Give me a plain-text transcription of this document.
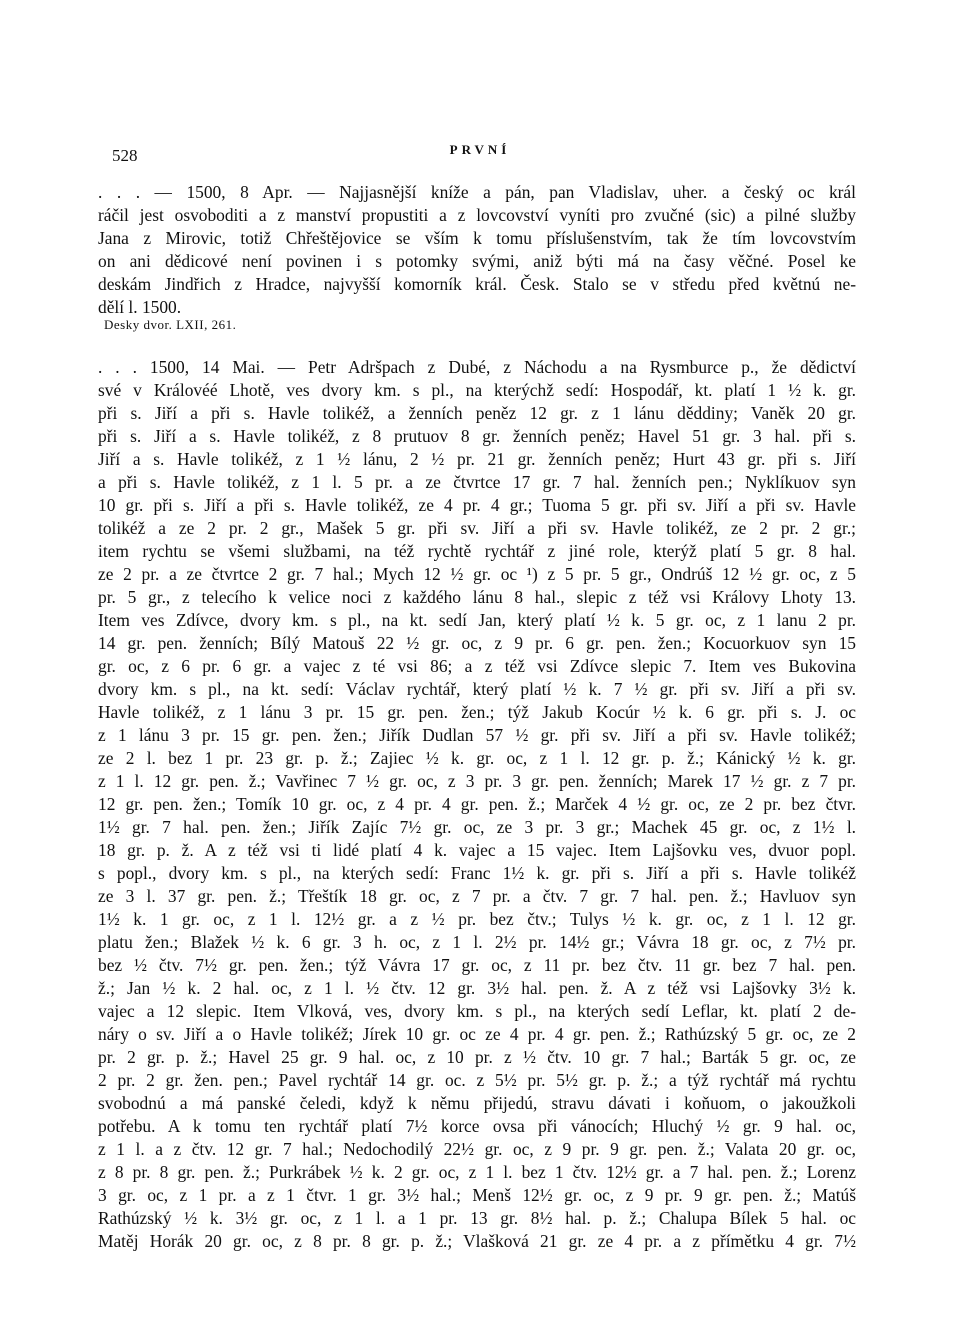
528	PRVNÍ
. . . — 1500, 8 Apr. — Najjasnější kníže a pán, pan Vladislav, uher. a český oc král
ráčil jest osvoboditi a z manství propustiti a z lovcovství vyníti pro zvučné (sic) a pilné služby
Jana z Mirovic, totiž Chřeštějovice se vším k tomu příslušenstvím, tak že tím lovcovstvím
on ani dědicové není povinen i s potomky svými, aniž býti má na časy věčné. Posel ke
deskám Jindřich z Hradce, najvyšší komorník král. Česk. Stalo se v středu před květnú ne-
dělí l. 1500.
Desky dvor. LXII, 261.
. . . 1500, 14 Mai. — Petr Adršpach z Dubé, z Náchodu a na Rysmburce p., že dědictví
své v Královéé Lhotě, ves dvory km. s pl., na kterýchž sedí: Hospodář, kt. platí 1 ½ k. gr.
při s. Jiří a při s. Havle tolikéž, a ženních peněz 12 gr. z 1 lánu děddiny; Vaněk 20 gr.
při s. Jiří a s. Havle tolikéž, z 8 prutuov 8 gr. ženních peněz; Havel 51 gr. 3 hal. při s.
Jiří a s. Havle tolikéž, z 1 ½ lánu, 2 ½ pr. 21 gr. ženních peněz; Hurt 43 gr. při s. Jiří
a při s. Havle tolikéž, z 1 l. 5 pr. a ze čtvrtce 17 gr. 7 hal. ženních pen.; Nyklíkuov syn
10 gr. při s. Jiří a při s. Havle tolikéž, ze 4 pr. 4 gr.; Tuoma 5 gr. při sv. Jiří a při sv. Havle
tolikéž a ze 2 pr. 2 gr., Mašek 5 gr. při sv. Jiří a při sv. Havle tolikéž, ze 2 pr. 2 gr.;
item rychtu se všemi službami, na též rychtě rychtář z jiné role, kterýž platí 5 gr. 8 hal.
ze 2 pr. a ze čtvrtce 2 gr. 7 hal.; Mych 12 ½ gr. oc ¹) z 5 pr. 5 gr., Ondrúš 12 ½ gr. oc, z 5
pr. 5 gr., z telecího k velice noci z každého lánu 8 hal., slepic z též vsi Královy Lhoty 13.
Item ves Zdívce, dvory km. s pl., na kt. sedí Jan, který platí ½ k. 5 gr. oc, z 1 lanu 2 pr.
14 gr. pen. ženních; Bílý Matouš 22 ½ gr. oc, z 9 pr. 6 gr. pen. žen.; Kocuorkuov syn 15
gr. oc, z 6 pr. 6 gr. a vajec z té vsi 86; a z též vsi Zdívce slepic 7. Item ves Bukovina
dvory km. s pl., na kt. sedí: Václav rychtář, který platí ½ k. 7 ½ gr. při sv. Jiří a při sv.
Havle tolikéž, z 1 lánu 3 pr. 15 gr. pen. žen.; týž Jakub Kocúr ½ k. 6 gr. při s. J. oc
z 1 lánu 3 pr. 15 gr. pen. žen.; Jiřík Dudlan 57 ½ gr. při sv. Jiří a při sv. Havle tolikéž;
ze 2 l. bez 1 pr. 23 gr. p. ž.; Zajiec ½ k. gr. oc, z 1 l. 12 gr. p. ž.; Kánický ½ k. gr.
z 1 l. 12 gr. pen. ž.; Vavřinec 7 ½ gr. oc, z 3 pr. 3 gr. pen. ženních; Marek 17 ½ gr. z 7 pr.
12 gr. pen. žen.; Tomík 10 gr. oc, z 4 pr. 4 gr. pen. ž.; Marček 4 ½ gr. oc, ze 2 pr. bez čtvr.
1½ gr. 7 hal. pen. žen.; Jiřík Zajíc 7½ gr. oc, ze 3 pr. 3 gr.; Machek 45 gr. oc, z 1½ l.
18 gr. p. ž. A z též vsi ti lidé platí 4 k. vajec a 15 vajec. Item Lajšovku ves, dvuor popl.
s popl., dvory km. s pl., na kterých sedí: Franc 1½ k. gr. při s. Jiří a při s. Havle tolikéž
ze 3 l. 37 gr. pen. ž.; Třeštík 18 gr. oc, z 7 pr. a čtv. 7 gr. 7 hal. pen. ž.; Havluov syn
1½ k. 1 gr. oc, z 1 l. 12½ gr. a z ½ pr. bez čtv.; Tulys ½ k. gr. oc, z 1 l. 12 gr.
platu žen.; Blažek ½ k. 6 gr. 3 h. oc, z 1 l. 2½ pr. 14½ gr.; Vávra 18 gr. oc, z 7½ pr.
bez ½ čtv. 7½ gr. pen. žen.; týž Vávra 17 gr. oc, z 11 pr. bez čtv. 11 gr. bez 7 hal. pen.
ž.; Jan ½ k. 2 hal. oc, z 1 l. ½ čtv. 12 gr. 3½ hal. pen. ž. A z též vsi Lajšovky 3½ k.
vajec a 12 slepic. Item Vlková, ves, dvory km. s pl., na kterých sedí Leflar, kt. platí 2 de-
náry o sv. Jiří a o Havle tolikéž; Jírek 10 gr. oc ze 4 pr. 4 gr. pen. ž.; Rathúzský 5 gr. oc, ze 2
pr. 2 gr. p. ž.; Havel 25 gr. 9 hal. oc, z 10 pr. z ½ čtv. 10 gr. 7 hal.; Barták 5 gr. oc, ze
2 pr. 2 gr. žen. pen.; Pavel rychtář 14 gr. oc. z 5½ pr. 5½ gr. p. ž.; a týž rychtář má rychtu
svobodnú a má panské čeledi, když k němu přijedú, stravu dávati i koňuom, o jakoužkoli
potřebu. A k tomu ten rychtář platí 7½ korce ovsa při vánocích; Hluchý ½ gr. 9 hal. oc,
z 1 l. a z čtv. 12 gr. 7 hal.; Nedochodilý 22½ gr. oc, z 9 pr. 9 gr. pen. ž.; Valata 20 gr. oc,
z 8 pr. 8 gr. pen. ž.; Purkrábek ½ k. 2 gr. oc, z 1 l. bez 1 čtv. 12½ gr. a 7 hal. pen. ž.; Lorenz
3 gr. oc, z 1 pr. a z 1 čtvr. 1 gr. 3½ hal.; Menš 12½ gr. oc, z 9 pr. 9 gr. pen. ž.; Matúš
Rathúzský ½ k. 3½ gr. oc, z 1 l. a 1 pr. 13 gr. 8½ hal. p. ž.; Chalupa Bílek 5 hal. oc
Matěj Horák 20 gr. oc, z 8 pr. 8 gr. p. ž.; Vlašková 21 gr. ze 4 pr. a z přímětku 4 gr. 7½
